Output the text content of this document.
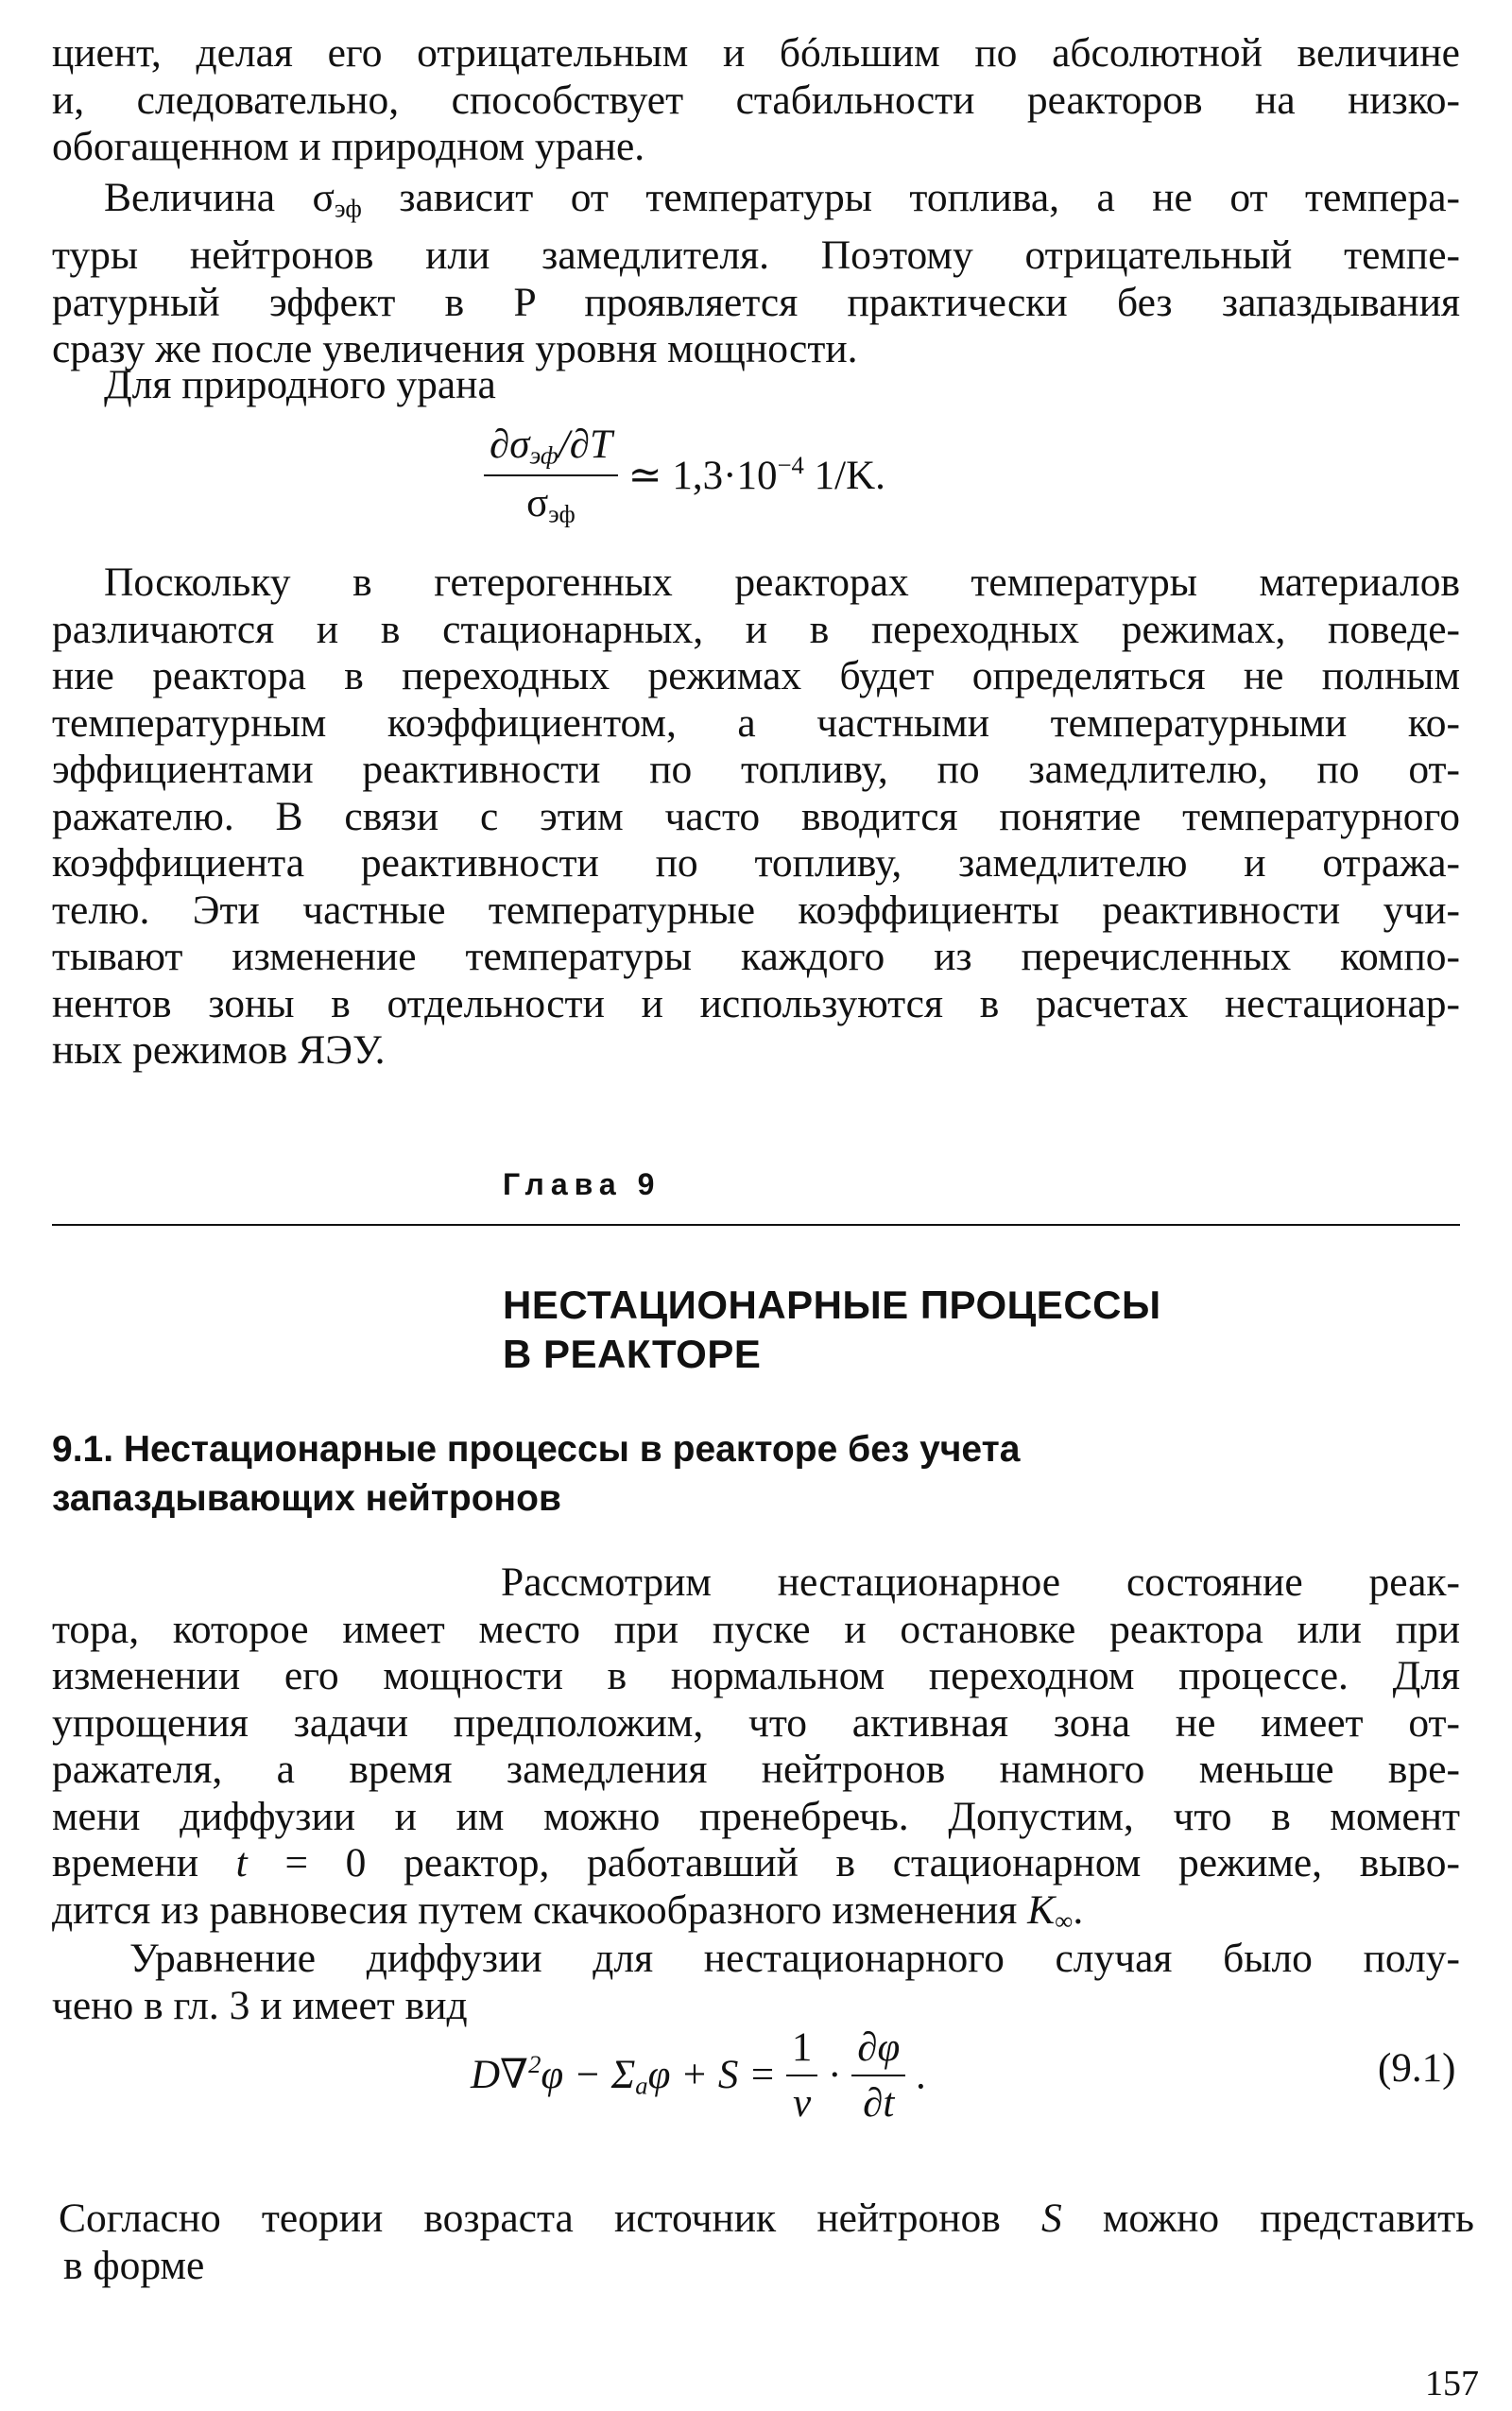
циент, делая его отрицательным и бóльшим по абсолютной величине
и, следовательно, способствует стабильности реакторов на низко-
обогащенном и природном уране.
Величина $\sigma_{эф}$ зависит от температуры топлива, а не от темпера-
туры нейтронов или замедлителя. Поэтому отрицательный темпе-
ратурный эффект в P проявляется практически без запаздывания
сразу же после увеличения уровня мощности.
Для природного урана
$\frac{\partial\sigma_{эф}/\partial T}{\sigma_{эф}}$ ≃ $1,3\cdot 10^{-4}$ 1/K.
Поскольку в гетерогенных реакторах температуры материалов
различаются и в стационарных, и в переходных режимах, поведе-
ние реактора в переходных режимах будет определяться не полным
температурным коэффициентом, а частными температурными ко-
эффициентами реактивности по топливу, по замедлителю, по от-
ражателю. В связи с этим часто вводится понятие температурного
коэффициента реактивности по топливу, замедлителю и отража-
телю. Эти частные температурные коэффициенты реактивности учи-
тывают изменение температуры каждого из перечисленных компо-
нентов зоны в отдельности и используются в расчетах нестационар-
ных режимов ЯЭУ.
Глава 9
НЕСТАЦИОНАРНЫЕ ПРОЦЕССЫ
В РЕАКТОРЕ
9.1. Нестационарные процессы в реакторе без учета
запаздывающих нейтронов
Рассмотрим нестационарное состояние реак-
тора, которое имеет место при пуске и остановке реактора или при
изменении его мощности в нормальном переходном процессе. Для
упрощения задачи предположим, что активная зона не имеет от-
ражателя, а время замедления нейтронов намного меньше вре-
мени диффузии и им можно пренебречь. Допустим, что в момент
времени t = 0 реактор, работавший в стационарном режиме, выво-
дится из равновесия путем скачкообразного изменения $K_\infty$.
Уравнение диффузии для нестационарного случая было полу-
чено в гл. 3 и имеет вид
$D\nabla^2\varphi - \Sigma_a\varphi + S = \frac{1}{v} \cdot \frac{\partial\varphi}{\partial t}$ .	(9.1)
Согласно теории возраста источник нейтронов S можно представить
в форме
157
